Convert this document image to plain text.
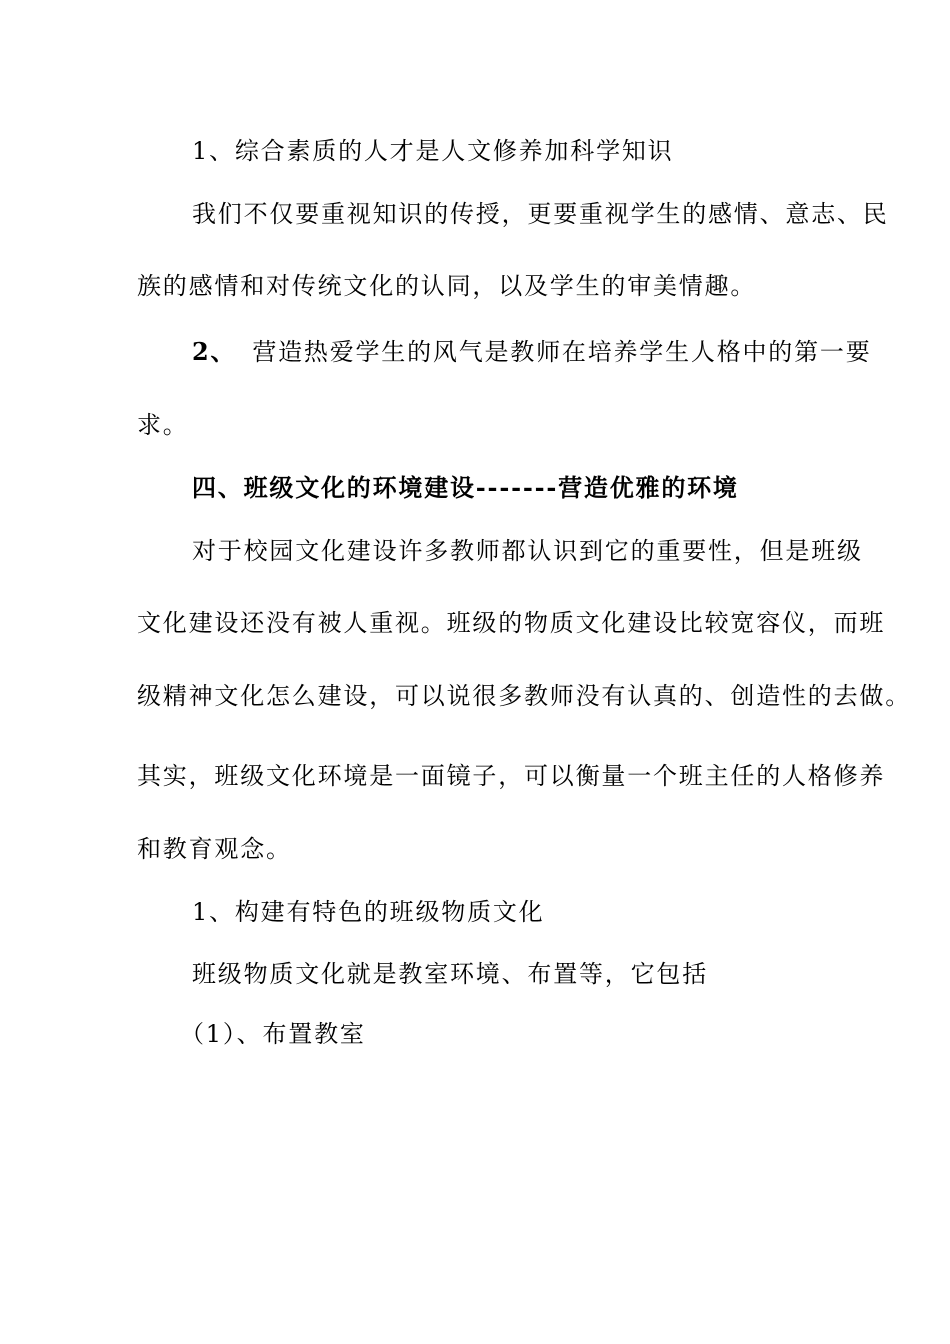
1、综合素质的人才是人文修养加科学知识
我们不仅要重视知识的传授，更要重视学生的感情、意志、民
族的感情和对传统文化的认同，以及学生的审美情趣。
2、 营造热爱学生的风气是教师在培养学生人格中的第一要
求。
四、班级文化的环境建设-------营造优雅的环境
对于校园文化建设许多教师都认识到它的重要性，但是班级
文化建设还没有被人重视。班级的物质文化建设比较宽容仪，而班
级精神文化怎么建设，可以说很多教师没有认真的、创造性的去做。
其实，班级文化环境是一面镜子，可以衡量一个班主任的人格修养
和教育观念。
1、构建有特色的班级物质文化
班级物质文化就是教室环境、布置等，它包括
（1）、布置教室
